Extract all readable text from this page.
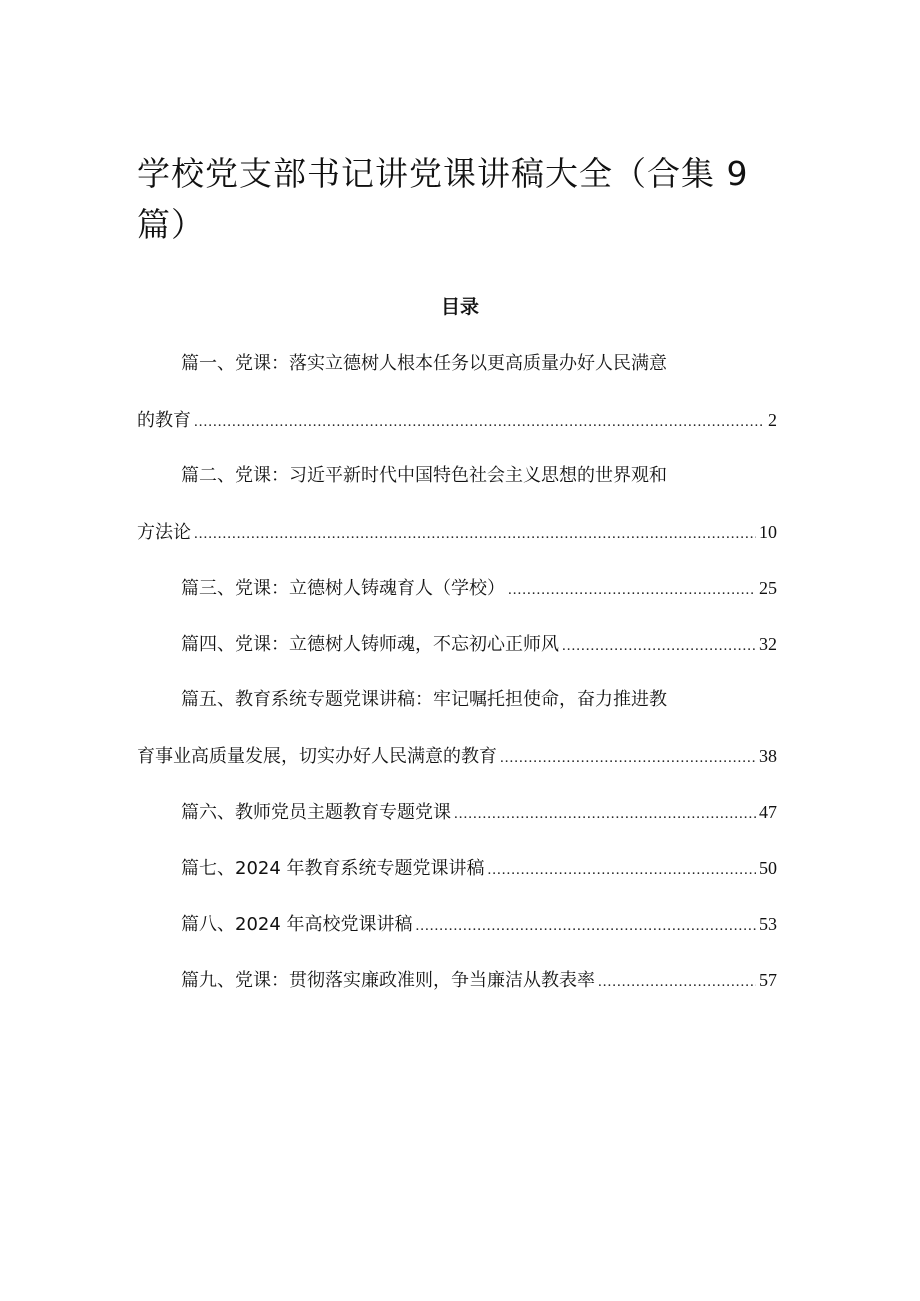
学校党支部书记讲党课讲稿大全（合集 9 篇）
目录
篇一、党课：落实立德树人根本任务以更高质量办好人民满意
的教育 .....	2
篇二、党课：习近平新时代中国特色社会主义思想的世界观和
方法论 .....	10
篇三、党课：立德树人铸魂育人（学校） .....	25
篇四、党课：立德树人铸师魂，不忘初心正师风 .....	32
篇五、教育系统专题党课讲稿：牢记嘱托担使命，奋力推进教
育事业高质量发展，切实办好人民满意的教育 .....	38
篇六、教师党员主题教育专题党课 .....	47
篇七、2024 年教育系统专题党课讲稿 .....	50
篇八、2024 年高校党课讲稿 .....	53
篇九、党课：贯彻落实廉政准则，争当廉洁从教表率 .....	57
